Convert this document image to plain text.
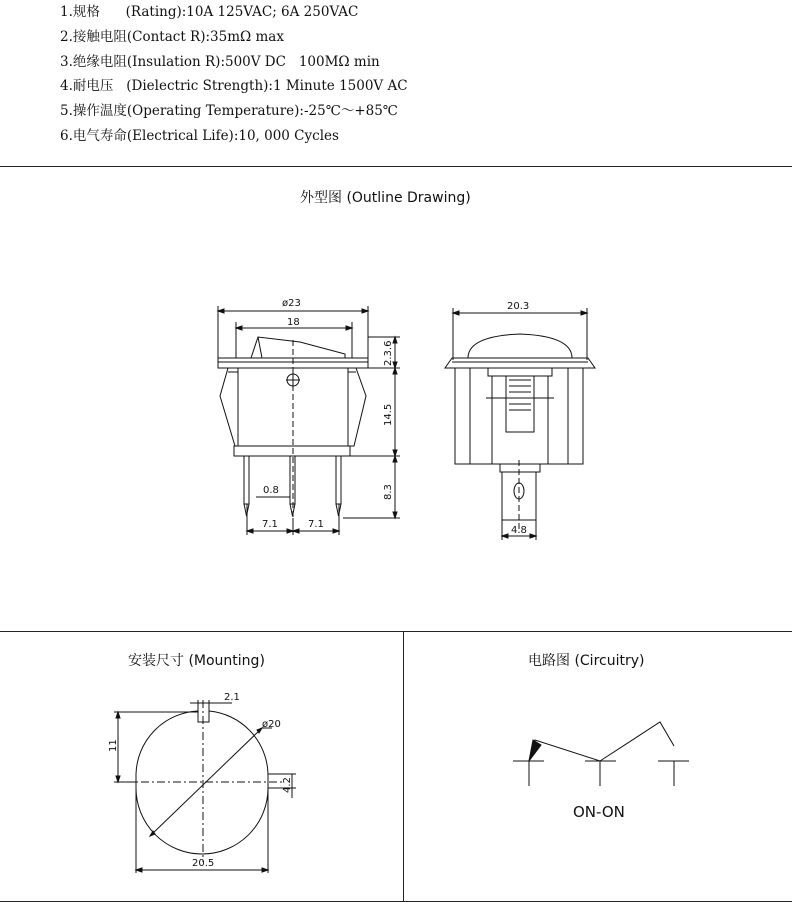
1.规格      (Rating):10A 125VAC; 6A 250VAC
2.接触电阻(Contact R):35mΩ max
3.绝缘电阻(Insulation R):500V DC   100MΩ min
4.耐电压   (Dielectric Strength):1 Minute 1500V AC
5.操作温度(Operating Temperature):-25℃～+85℃
6.电气寿命(Electrical Life):10, 000 Cycles
外型图 (Outline Drawing)
安装尺寸 (Mounting)	电路图 (Circuitry)
ø23
18
0.8
7.1	7.1
2.3.6
14.5
8.3
20.3
4.8
ø20
2.1
11
4.2
20.5
ON-ON
